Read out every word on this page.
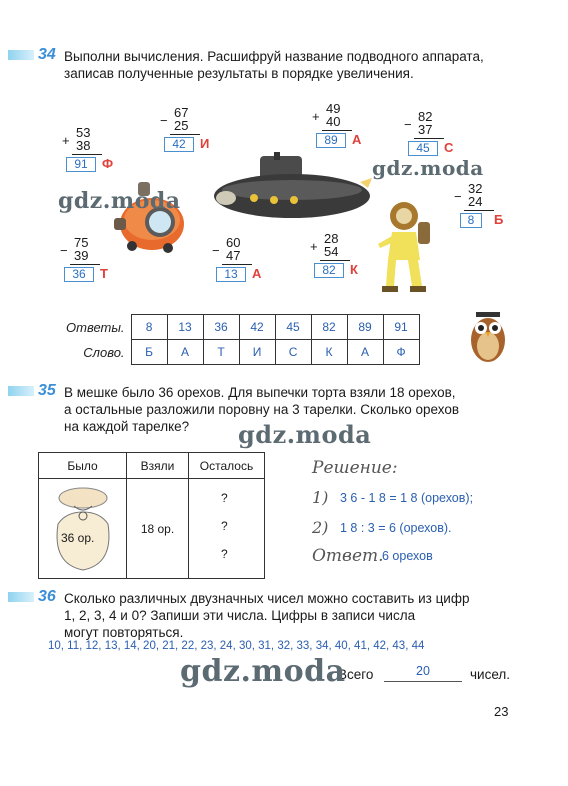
34 Выполни вычисления. Расшифруй название подводного аппарата,
записав полученные результаты в порядке увеличения.
+
53
38
91	Ф
−
67
25
42	И
+
49
40
89	А
−
82
37
45	С
−
32
24
8	Б
−
75
39
36	Т
−
60
47
13	А
+
28
54
82	К
Ответы.	8	13	36	42	45	82	89	91
Слово.	Б	А	Т	И	С	К	А	Ф
35 В мешке было 36 орехов. Для выпечки торта взяли 18 орехов,
а остальные разложили поровну на 3 тарелки. Сколько орехов
на каждой тарелке?
Было	Взяли	Осталось

36 ор.	18 ор.	?
?
?
Решение:
1) 3 6 - 1 8 = 1 8 (орехов);
2) 1 8 : 3 = 6 (орехов).
Ответ.
6 орехов
36 Сколько различных двузначных чисел можно составить из цифр
1, 2, 3, 4 и 0? Запиши эти числа. Цифры в записи числа
могут повторяться.
10, 11, 12, 13, 14, 20, 21, 22, 23, 24, 30, 31, 32, 33, 34, 40, 41, 42, 43, 44
Всего	20	чисел.
gdz.moda
gdz.moda
gdz.moda
gdz.moda
23
